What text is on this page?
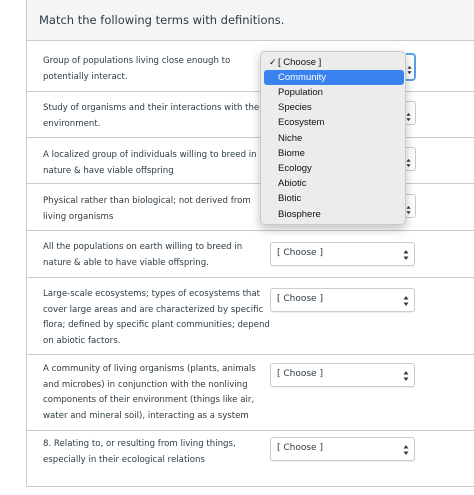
Match the following terms with definitions.
Group of populations living close enough to potentially interact.
Study of organisms and their interactions with the environment.
A localized group of individuals willing to breed in nature & have viable offspring
Physical rather than biological; not derived from living organisms
All the populations on earth willing to breed in nature & able to have viable offspring.
[ Choose ]
Large-scale ecosystems; types of ecosystems that cover large areas and are characterized by specific flora; defined by specific plant communities; depend on abiotic factors.
[ Choose ]
A community of living organisms (plants, animals and microbes) in conjunction with the nonliving components of their environment (things like air, water and mineral soil), interacting as a system
[ Choose ]
8. Relating to, or resulting from living things, especially in their ecological relations
[ Choose ]
✓ [ Choose ]
Community
Population
Species
Ecosystem
Niche
Biome
Ecology
Abiotic
Biotic
Biosphere
